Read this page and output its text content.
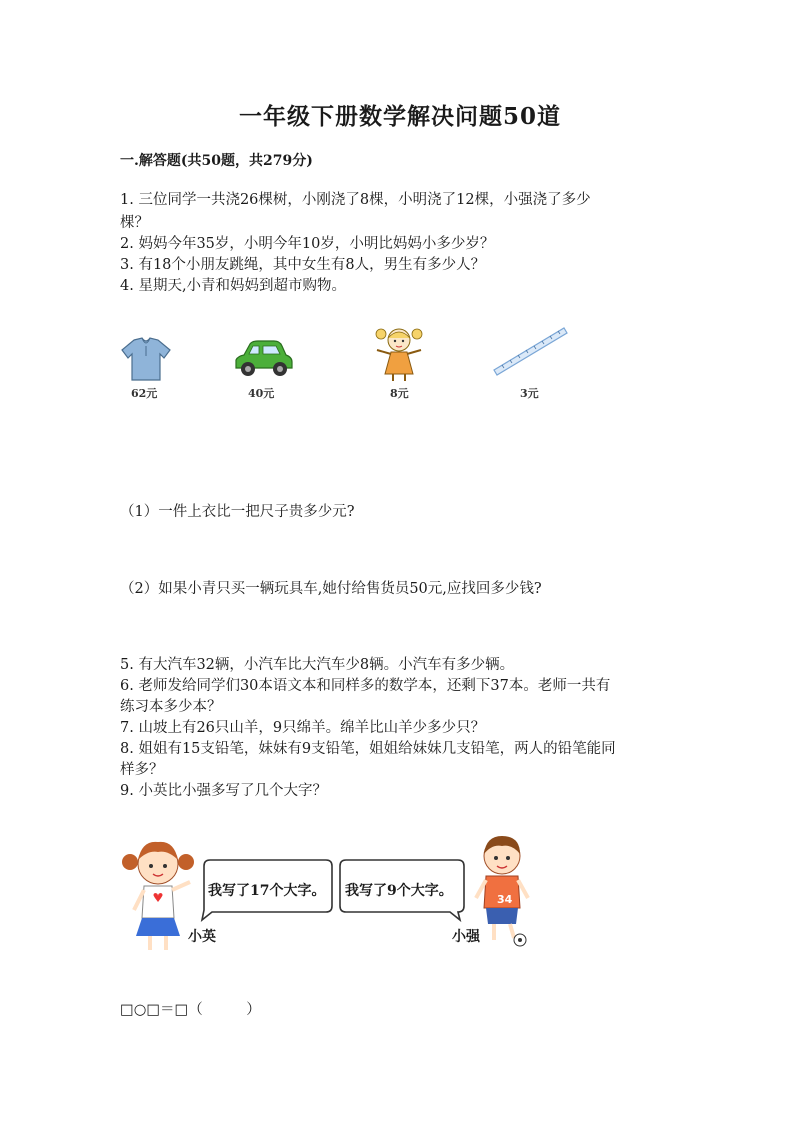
一年级下册数学解决问题50道
一.解答题(共50题，共279分)
1. 三位同学一共浇26棵树，小刚浇了8棵，小明浇了12棵，小强浇了多少
棵？
2. 妈妈今年35岁，小明今年10岁，小明比妈妈小多少岁？
3. 有18个小朋友跳绳，其中女生有8人，男生有多少人？
4. 星期天,小青和妈妈到超市购物。
62元	40元	8元	3元
（1）一件上衣比一把尺子贵多少元?
（2）如果小青只买一辆玩具车,她付给售货员50元,应找回多少钱?
5. 有大汽车32辆，小汽车比大汽车少8辆。小汽车有多少辆。
6. 老师发给同学们30本语文本和同样多的数学本，还剩下37本。老师一共有
练习本多少本？
7. 山坡上有26只山羊，9只绵羊。绵羊比山羊少多少只？
8. 姐姐有15支铅笔，妹妹有9支铅笔，姐姐给妹妹几支铅笔，两人的铅笔能同
样多？
9. 小英比小强多写了几个大字？
小英
我写了17个大字。 我写了9个大字。
34
小强
□○□＝□（　　　）
